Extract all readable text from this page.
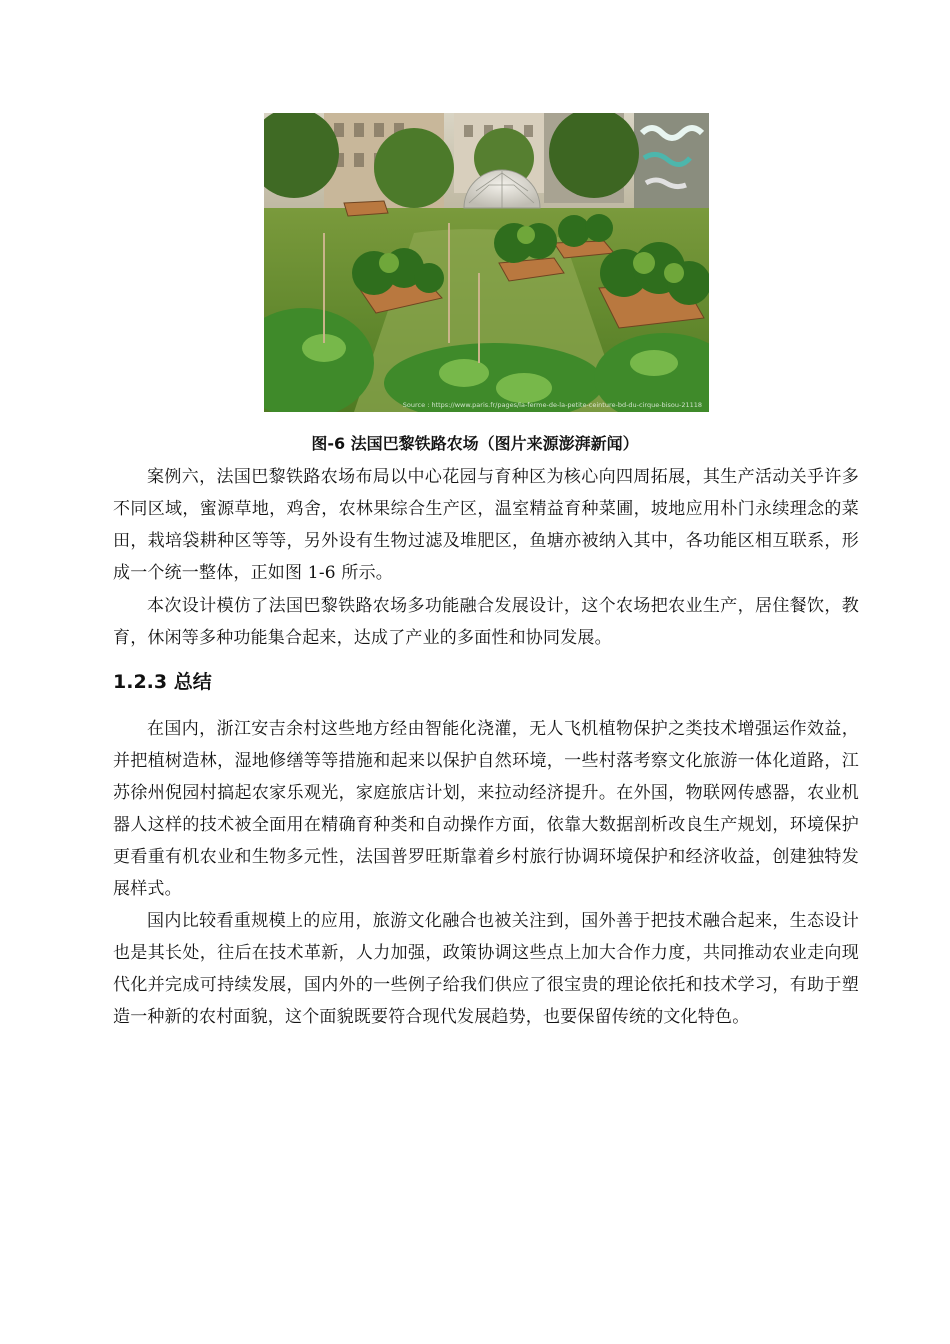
Source : https://www.paris.fr/pages/la-ferme-de-la-petite-ceinture-bd-du-cirque-bisou-21118
图-6 法国巴黎铁路农场（图片来源澎湃新闻）

案例六，法国巴黎铁路农场布局以中心花园与育种区为核心向四周拓展，其生产活动关乎许多不同区域，蜜源草地，鸡舍，农林果综合生产区，温室精益育种菜圃，坡地应用朴门永续理念的菜田，栽培袋耕种区等等，另外设有生物过滤及堆肥区，鱼塘亦被纳入其中，各功能区相互联系，形成一个统一整体，正如图 1-6 所示。

本次设计模仿了法国巴黎铁路农场多功能融合发展设计，这个农场把农业生产，居住餐饮，教育，休闲等多种功能集合起来，达成了产业的多面性和协同发展。

1.2.3 总结

在国内，浙江安吉余村这些地方经由智能化浇灌，无人飞机植物保护之类技术增强运作效益，并把植树造林，湿地修缮等等措施和起来以保护自然环境，一些村落考察文化旅游一体化道路，江苏徐州倪园村搞起农家乐观光，家庭旅店计划，来拉动经济提升。在外国，物联网传感器，农业机器人这样的技术被全面用在精确育种类和自动操作方面，依靠大数据剖析改良生产规划，环境保护更看重有机农业和生物多元性，法国普罗旺斯靠着乡村旅行协调环境保护和经济收益，创建独特发展样式。

国内比较看重规模上的应用，旅游文化融合也被关注到，国外善于把技术融合起来，生态设计也是其长处，往后在技术革新，人力加强，政策协调这些点上加大合作力度，共同推动农业走向现代化并完成可持续发展，国内外的一些例子给我们供应了很宝贵的理论依托和技术学习，有助于塑造一种新的农村面貌，这个面貌既要符合现代发展趋势，也要保留传统的文化特色。
